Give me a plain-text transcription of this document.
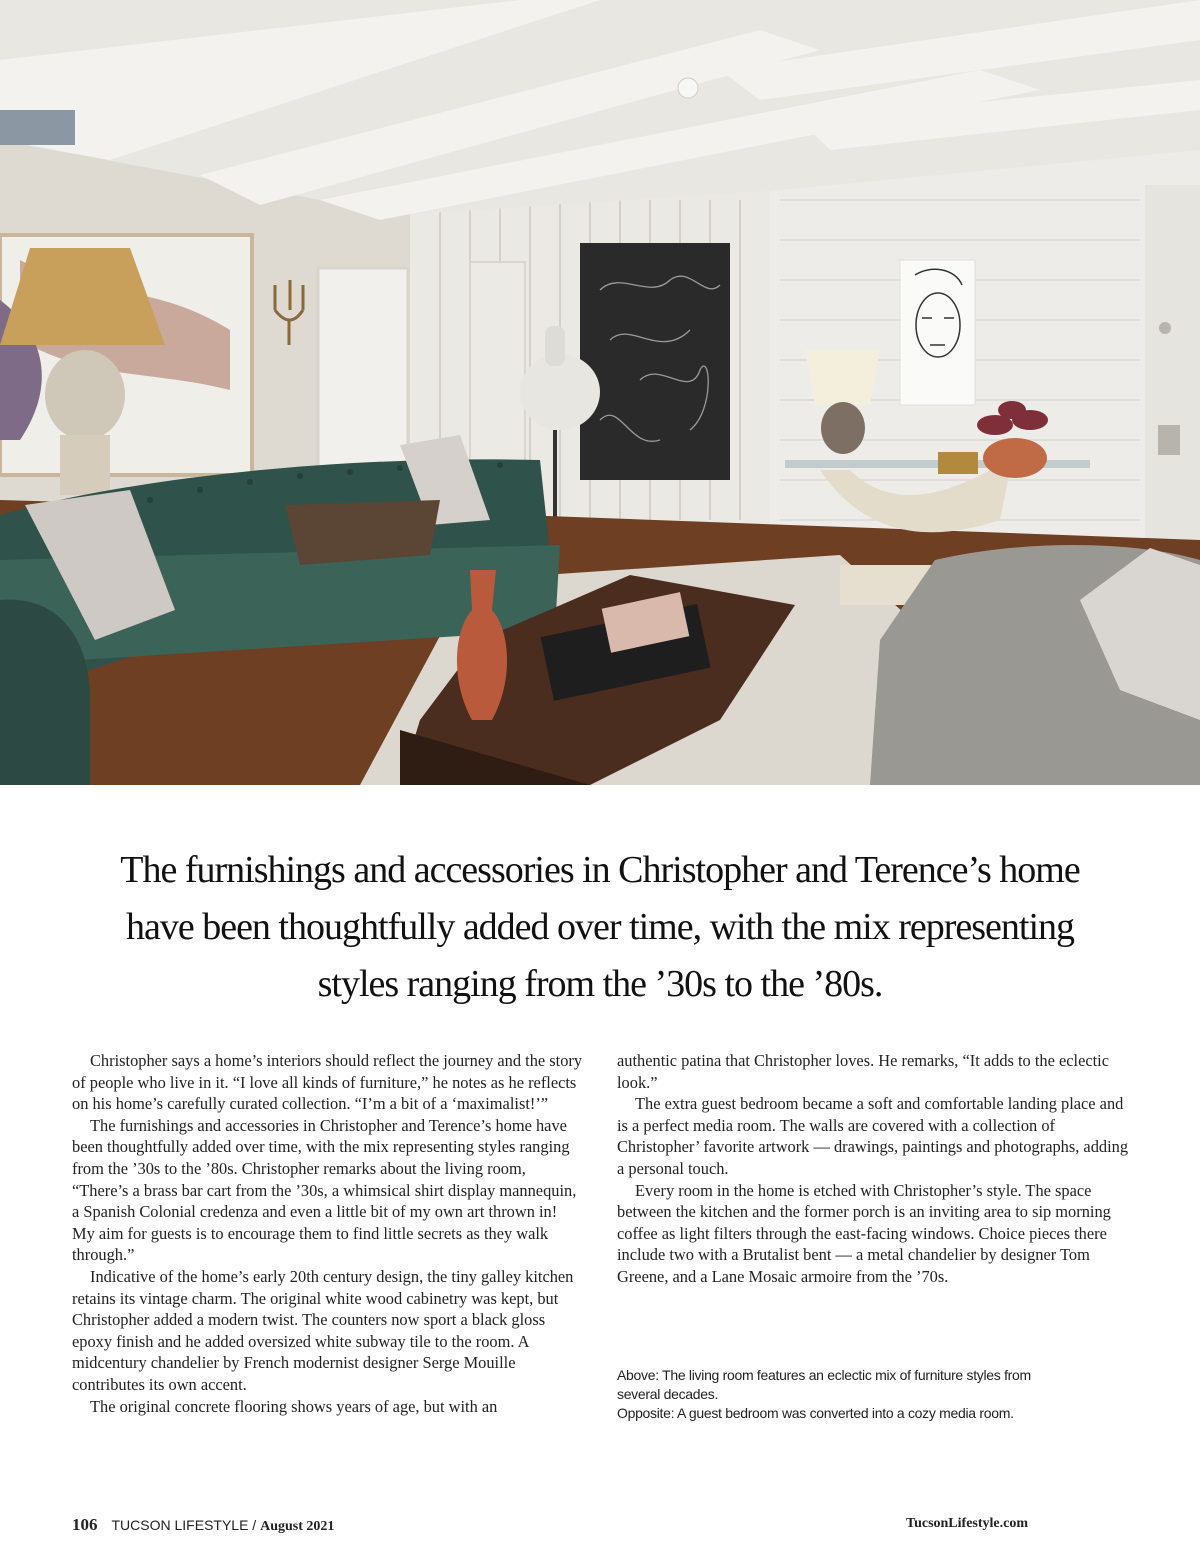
The furnishings and accessories in Christopher and Terence’s home have been thoughtfully added over time, with the mix representing styles ranging from the ’30s to the ’80s.

Christopher says a home’s interiors should reflect the journey and the story of people who live in it. “I love all kinds of furniture,” he notes as he reflects on his home’s carefully curated collection. “I’m a bit of a ‘maximalist!’”

The furnishings and accessories in Christopher and Terence’s home have been thoughtfully added over time, with the mix representing styles ranging from the ’30s to the ’80s. Christopher remarks about the living room, “There’s a brass bar cart from the ’30s, a whimsical shirt display mannequin, a Spanish Colonial credenza and even a little bit of my own art thrown in! My aim for guests is to encourage them to find little secrets as they walk through.”

Indicative of the home’s early 20th century design, the tiny galley kitchen retains its vintage charm. The original white wood cabinetry was kept, but Christopher added a modern twist. The counters now sport a black gloss epoxy finish and he added oversized white subway tile to the room. A midcentury chandelier by French modernist designer Serge Mouille contributes its own accent.

The original concrete flooring shows years of age, but with an

authentic patina that Christopher loves. He remarks, “It adds to the eclectic look.”

The extra guest bedroom became a soft and comfortable landing place and is a perfect media room. The walls are covered with a collection of Christopher’ favorite artwork — drawings, paintings and photographs, adding a personal touch.

Every room in the home is etched with Christopher’s style. The space between the kitchen and the former porch is an inviting area to sip morning coffee as light filters through the east-facing windows. Choice pieces there include two with a Brutalist bent — a metal chandelier by designer Tom Greene, and a Lane Mosaic armoire from the ’70s.

Above: The living room features an eclectic mix of furniture styles from several decades.
Opposite: A guest bedroom was converted into a cozy media room.
106 TUCSON LIFESTYLE / August 2021	TucsonLifestyle.com
